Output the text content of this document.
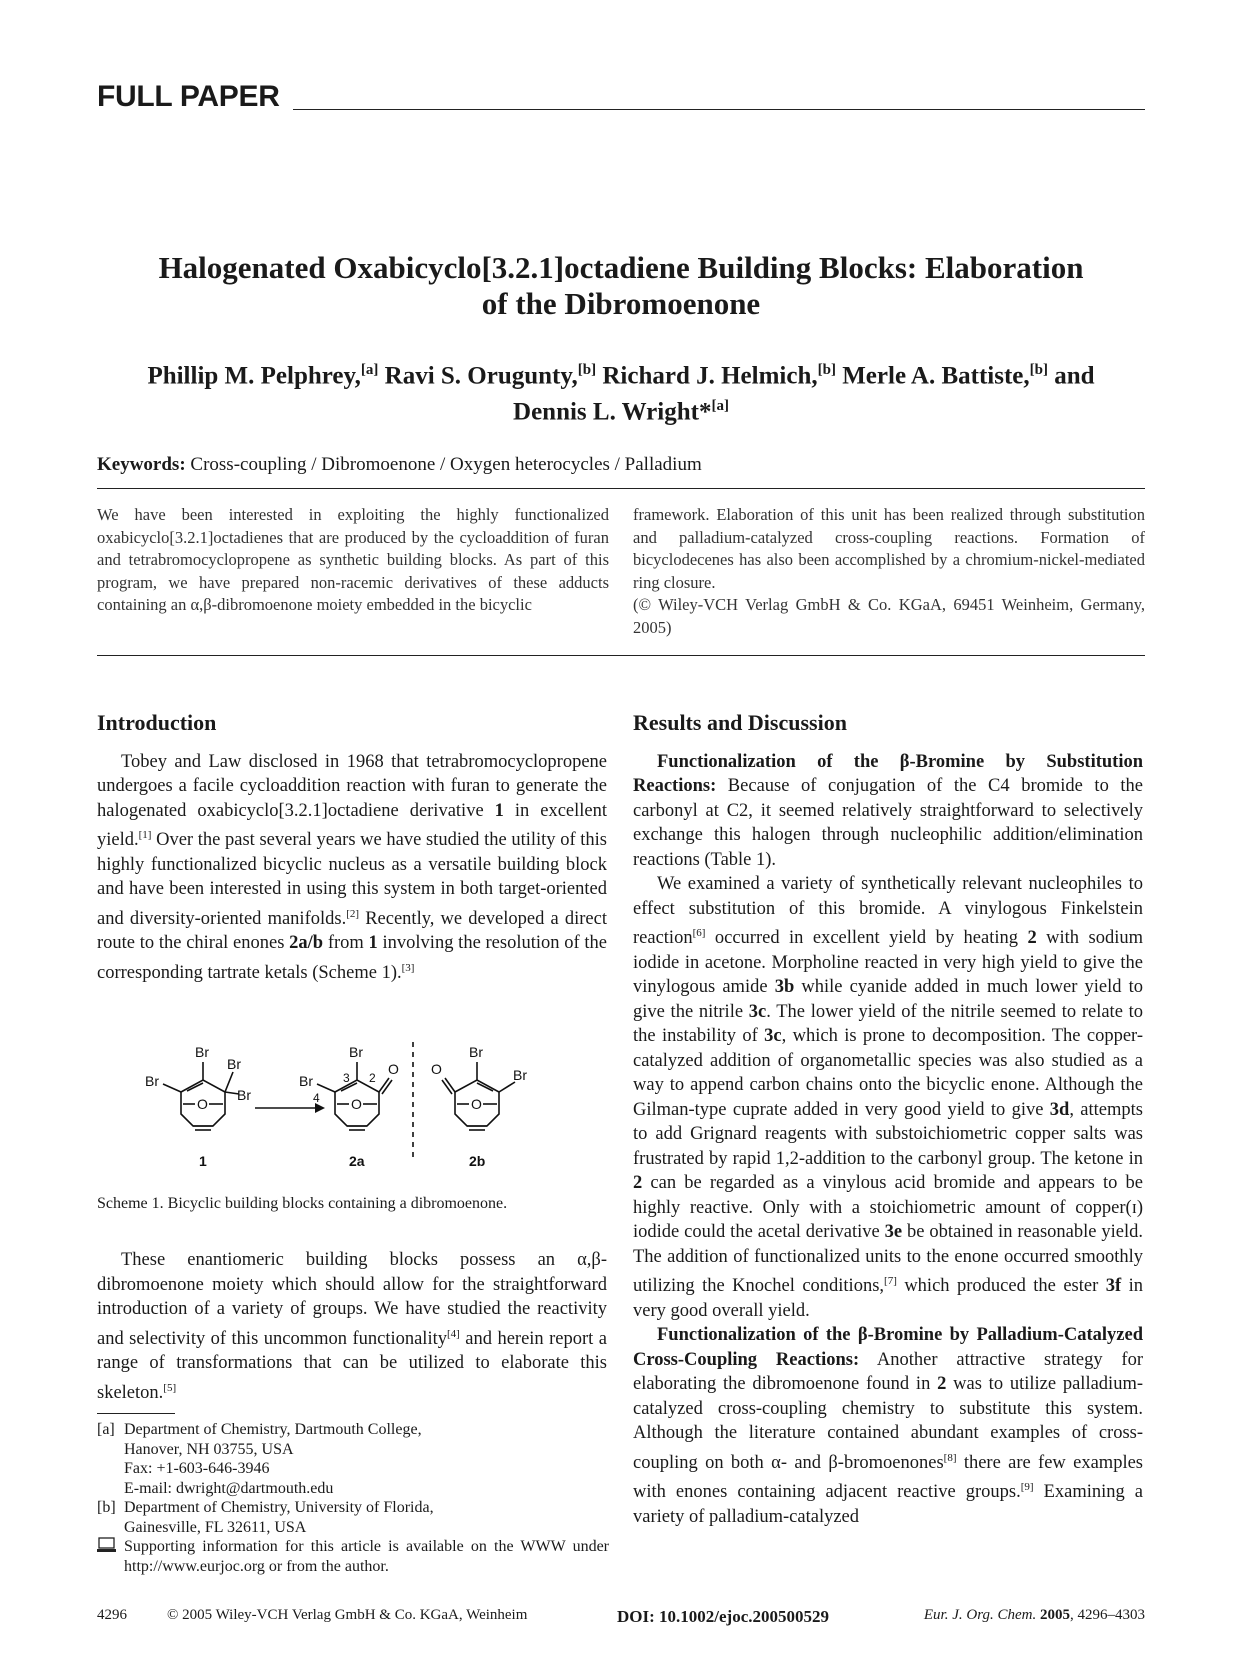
FULL PAPER
Halogenated Oxabicyclo[3.2.1]octadiene Building Blocks: Elaboration
of the Dibromoenone
Phillip M. Pelphrey,[a] Ravi S. Orugunty,[b] Richard J. Helmich,[b] Merle A. Battiste,[b] and
Dennis L. Wright*[a]
Keywords: Cross-coupling / Dibromoenone / Oxygen heterocycles / Palladium

We have been interested in exploiting the highly functionalized oxabicyclo[3.2.1]octadienes that are produced by the cycloaddition of furan and tetrabromocyclopropene as synthetic building blocks. As part of this program, we have prepared non-racemic derivatives of these adducts containing an α,β-dibromoenone moiety embedded in the bicyclic

framework. Elaboration of this unit has been realized through substitution and palladium-catalyzed cross-coupling reactions. Formation of bicyclodecenes has also been accomplished by a chromium-nickel-mediated ring closure.

(© Wiley-VCH Verlag GmbH & Co. KGaA, 69451 Weinheim, Germany, 2005)

Introduction

Tobey and Law disclosed in 1968 that tetrabromocyclopropene undergoes a facile cycloaddition reaction with furan to generate the halogenated oxabicyclo[3.2.1]octadiene derivative 1 in excellent yield.[1] Over the past several years we have studied the utility of this highly functionalized bicyclic nucleus as a versatile building block and have been interested in using this system in both target-oriented and diversity-oriented manifolds.[2] Recently, we developed a direct route to the chiral enones 2a/b from 1 involving the resolution of the corresponding tartrate ketals (Scheme 1).[3]

Br
Br
Br
Br
O
1
Br
Br	3 2
4
O
O
2a
Br
Br
O
O
2b
Scheme 1. Bicyclic building blocks containing a dibromoenone.

These enantiomeric building blocks possess an α,β-dibromoenone moiety which should allow for the straightforward introduction of a variety of groups. We have studied the reactivity and selectivity of this uncommon functionality[4] and herein report a range of transformations that can be utilized to elaborate this skeleton.[5]

[a] Department of Chemistry, Dartmouth College,
Hanover, NH 03755, USA
Fax: +1-603-646-3946
E-mail: dwright@dartmouth.edu
[b] Department of Chemistry, University of Florida,
Gainesville, FL 32611, USA
Supporting information for this article is available on the WWW under http://www.eurjoc.org or from the author.
Results and Discussion

Functionalization of the β-Bromine by Substitution Reactions: Because of conjugation of the C4 bromide to the carbonyl at C2, it seemed relatively straightforward to selectively exchange this halogen through nucleophilic addition/elimination reactions (Table 1).

We examined a variety of synthetically relevant nucleophiles to effect substitution of this bromide. A vinylogous Finkelstein reaction[6] occurred in excellent yield by heating 2 with sodium iodide in acetone. Morpholine reacted in very high yield to give the vinylogous amide 3b while cyanide added in much lower yield to give the nitrile 3c. The lower yield of the nitrile seemed to relate to the instability of 3c, which is prone to decomposition. The copper-catalyzed addition of organometallic species was also studied as a way to append carbon chains onto the bicyclic enone. Although the Gilman-type cuprate added in very good yield to give 3d, attempts to add Grignard reagents with substoichiometric copper salts was frustrated by rapid 1,2-addition to the carbonyl group. The ketone in 2 can be regarded as a vinylous acid bromide and appears to be highly reactive. Only with a stoichiometric amount of copper(ɪ) iodide could the acetal derivative 3e be obtained in reasonable yield. The addition of functionalized units to the enone occurred smoothly utilizing the Knochel conditions,[7] which produced the ester 3f in very good overall yield.

Functionalization of the β-Bromine by Palladium-Catalyzed Cross-Coupling Reactions: Another attractive strategy for elaborating the dibromoenone found in 2 was to utilize palladium-catalyzed cross-coupling chemistry to substitute this system. Although the literature contained abundant examples of cross-coupling on both α- and β-bromoenones[8] there are few examples with enones containing adjacent reactive groups.[9] Examining a variety of palladium-catalyzed

4296	© 2005 Wiley-VCH Verlag GmbH & Co. KGaA, Weinheim	DOI: 10.1002/ejoc.200500529	Eur. J. Org. Chem. 2005, 4296–4303
